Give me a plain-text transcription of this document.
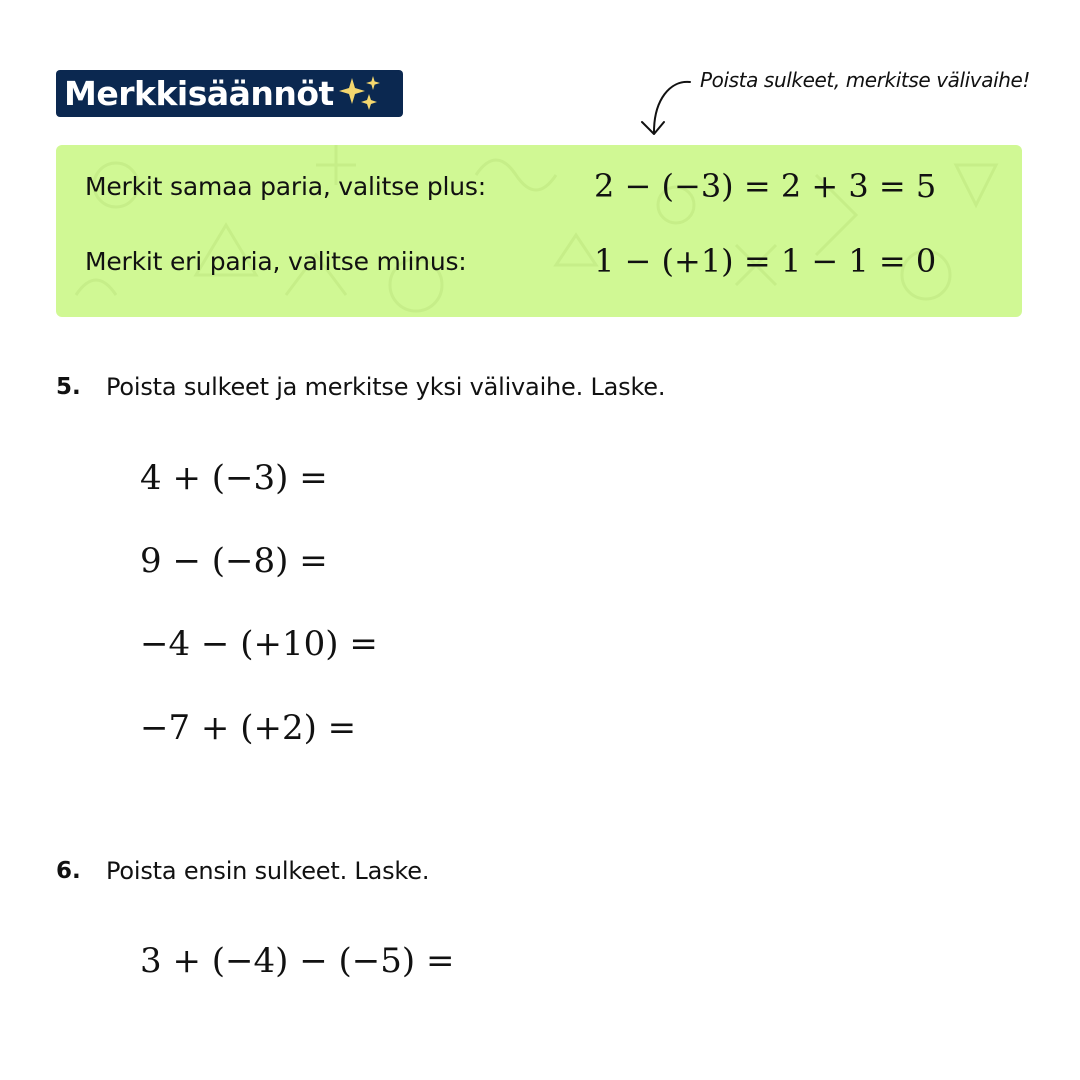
Merkkisäännöt	Poista sulkeet, merkitse välivaihe!
Merkit samaa paria, valitse plus:	2 − (−3) = 2 + 3 = 5
Merkit eri paria, valitse miinus:	1 − (+1) = 1 − 1 = 0
5. Poista sulkeet ja merkitse yksi välivaihe. Laske.
4 + (−3) =
9 − (−8) =
−4 − (+10) =
−7 + (+2) =
6. Poista ensin sulkeet. Laske.
3 + (−4) − (−5) =
